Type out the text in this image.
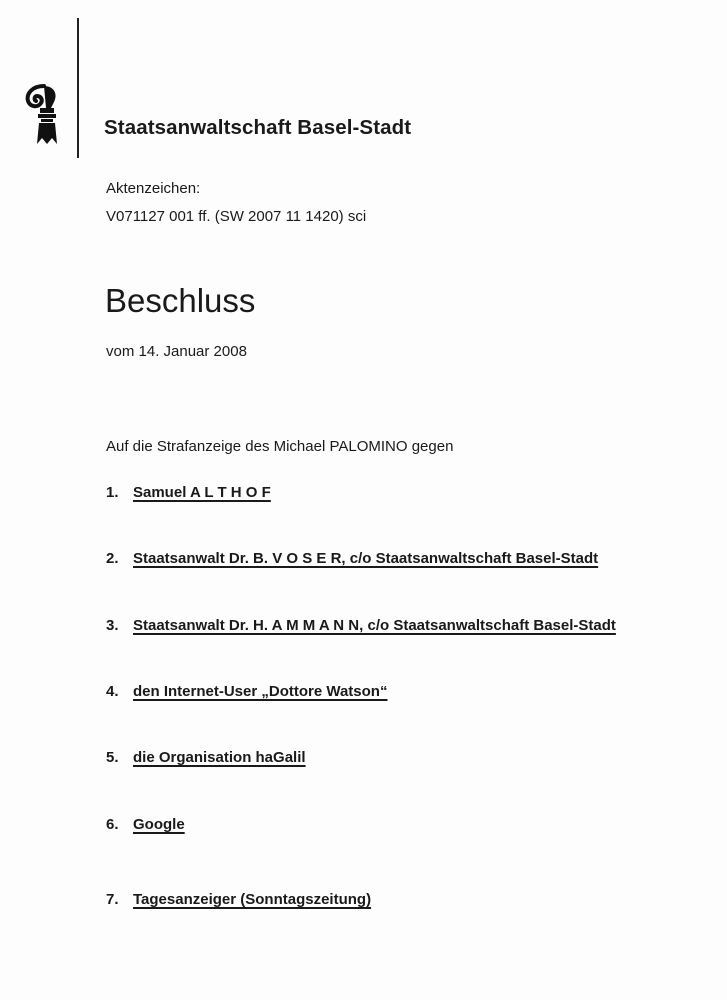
Staatsanwaltschaft Basel-Stadt
Aktenzeichen:
V071127 001 ff. (SW 2007 11 1420) sci
Beschluss
vom 14. Januar 2008
Auf die Strafanzeige des Michael PALOMINO gegen
1. Samuel A L T H O F
2. Staatsanwalt Dr. B. V O S E R, c/o Staatsanwaltschaft Basel-Stadt
3. Staatsanwalt Dr. H. A M M A N N, c/o Staatsanwaltschaft Basel-Stadt
4. den Internet-User „Dottore Watson“
5. die Organisation haGalil
6. Google
7. Tagesanzeiger (Sonntagszeitung)
